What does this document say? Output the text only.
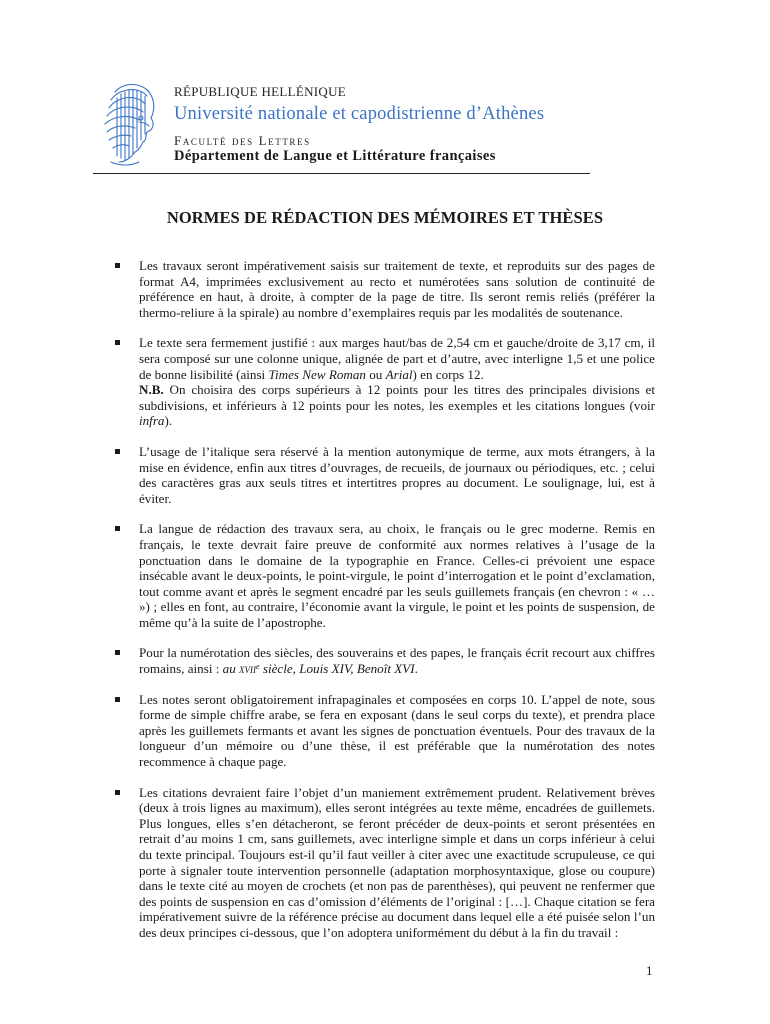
RÉPUBLIQUE HELLÉNIQUE
Université nationale et capodistrienne d’Athènes
Faculté des Lettres
Département de Langue et Littérature françaises
NORMES DE RÉDACTION DES MÉMOIRES ET THÈSES
Les travaux seront impérativement saisis sur traitement de texte, et reproduits sur des pages de format A4, imprimées exclusivement au recto et numérotées sans solution de continuité de préférence en haut, à droite, à compter de la page de titre. Ils seront remis reliés (préférer la thermo-reliure à la spirale) au nombre d’exemplaires requis par les modalités de soutenance.
Le texte sera fermement justifié : aux marges haut/bas de 2,54 cm et gauche/droite de 3,17 cm, il sera composé sur une colonne unique, alignée de part et d’autre, avec interligne 1,5 et une police de bonne lisibilité (ainsi Times New Roman ou Arial) en corps 12.
N.B. On choisira des corps supérieurs à 12 points pour les titres des principales divisions et subdivisions, et inférieurs à 12 points pour les notes, les exemples et les citations longues (voir infra).
L’usage de l’italique sera réservé à la mention autonymique de terme, aux mots étrangers, à la mise en évidence, enfin aux titres d’ouvrages, de recueils, de journaux ou périodiques, etc. ; celui des caractères gras aux seuls titres et intertitres propres au document. Le soulignage, lui, est à éviter.
La langue de rédaction des travaux sera, au choix, le français ou le grec moderne. Remis en français, le texte devrait faire preuve de conformité aux normes relatives à l’usage de la ponctuation dans le domaine de la typographie en France. Celles-ci prévoient une espace insécable avant le deux-points, le point-virgule, le point d’interrogation et le point d’exclamation, tout comme avant et après le segment encadré par les seuls guillemets français (en chevron : « … ») ; elles en font, au contraire, l’économie avant la virgule, le point et les points de suspension, de même qu’à la suite de l’apostrophe.
Pour la numérotation des siècles, des souverains et des papes, le français écrit recourt aux chiffres romains, ainsi : au xvii$^e$ siècle, Louis XIV, Benoît XVI.
Les notes seront obligatoirement infrapaginales et composées en corps 10. L’appel de note, sous forme de simple chiffre arabe, se fera en exposant (dans le seul corps du texte), et prendra place après les guillemets fermants et avant les signes de ponctuation éventuels. Pour des travaux de la longueur d’un mémoire ou d’une thèse, il est préférable que la numérotation des notes recommence à chaque page.
Les citations devraient faire l’objet d’un maniement extrêmement prudent. Relativement brèves (deux à trois lignes au maximum), elles seront intégrées au texte même, encadrées de guillemets. Plus longues, elles s’en détacheront, se feront précéder de deux-points et seront présentées en retrait d’au moins 1 cm, sans guillemets, avec interligne simple et dans un corps inférieur à celui du texte principal. Toujours est-il qu’il faut veiller à citer avec une exactitude scrupuleuse, ce qui porte à signaler toute intervention personnelle (adaptation morphosyntaxique, glose ou coupure) dans le texte cité au moyen de crochets (et non pas de parenthèses), qui peuvent ne renfermer que des points de suspension en cas d’omission d’éléments de l’original : […]. Chaque citation se fera impérativement suivre de la référence précise au document dans lequel elle a été puisée selon l’un des deux principes ci-dessous, que l’on adoptera uniformément du début à la fin du travail :
1
